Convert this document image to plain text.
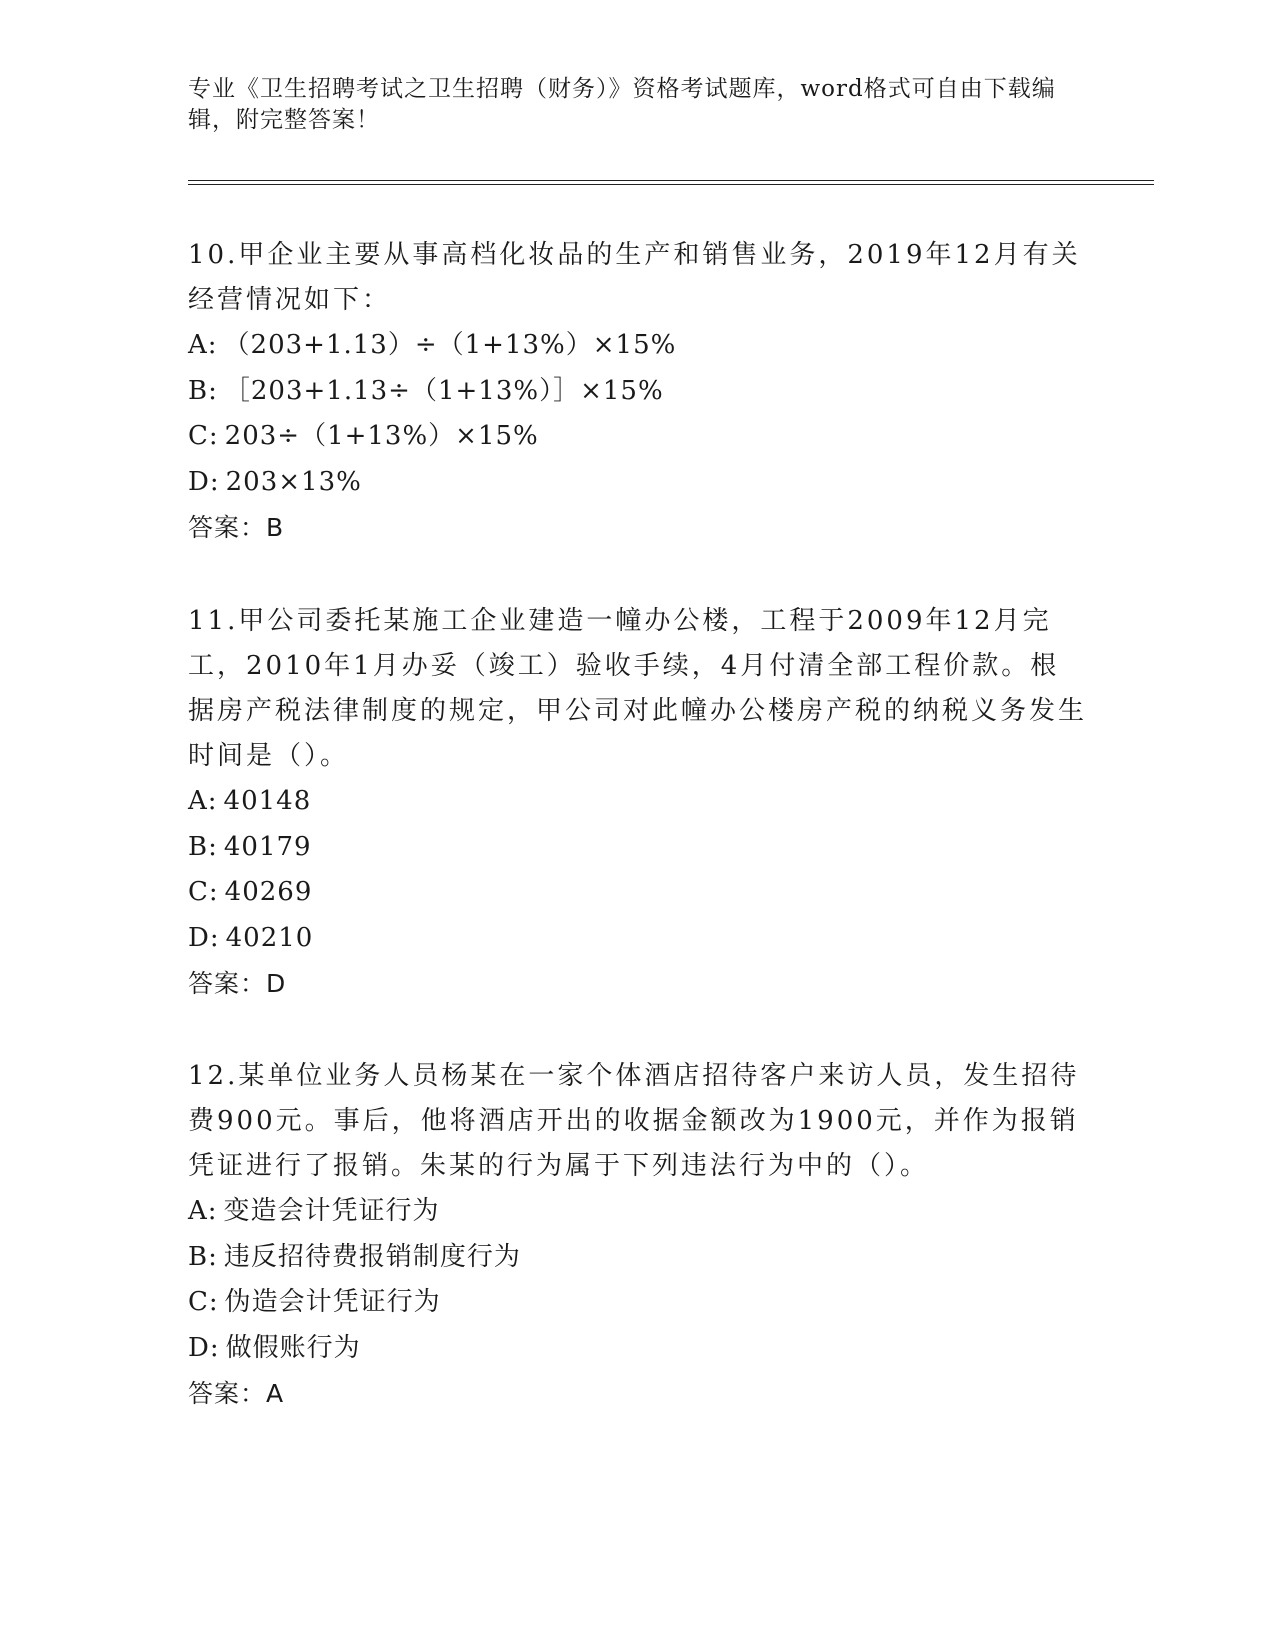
专业《卫生招聘考试之卫生招聘（财务）》资格考试题库，word格式可自由下载编辑，附完整答案！

10.甲企业主要从事高档化妆品的生产和销售业务，2019年12月有关经营情况如下：

A: （203+1.13）÷（1+13%）×15%

B: ［203+1.13÷（1+13%）］×15%

C: 203÷（1+13%）×15%

D: 203×13%

答案：B

11.甲公司委托某施工企业建造一幢办公楼，工程于2009年12月完工，2010年1月办妥（竣工）验收手续，4月付清全部工程价款。根据房产税法律制度的规定，甲公司对此幢办公楼房产税的纳税义务发生时间是（）。

A: 40148

B: 40179

C: 40269

D: 40210

答案：D

12.某单位业务人员杨某在一家个体酒店招待客户来访人员，发生招待费900元。事后，他将酒店开出的收据金额改为1900元，并作为报销凭证进行了报销。朱某的行为属于下列违法行为中的（）。

A: 变造会计凭证行为

B: 违反招待费报销制度行为

C: 伪造会计凭证行为

D: 做假账行为

答案：A
